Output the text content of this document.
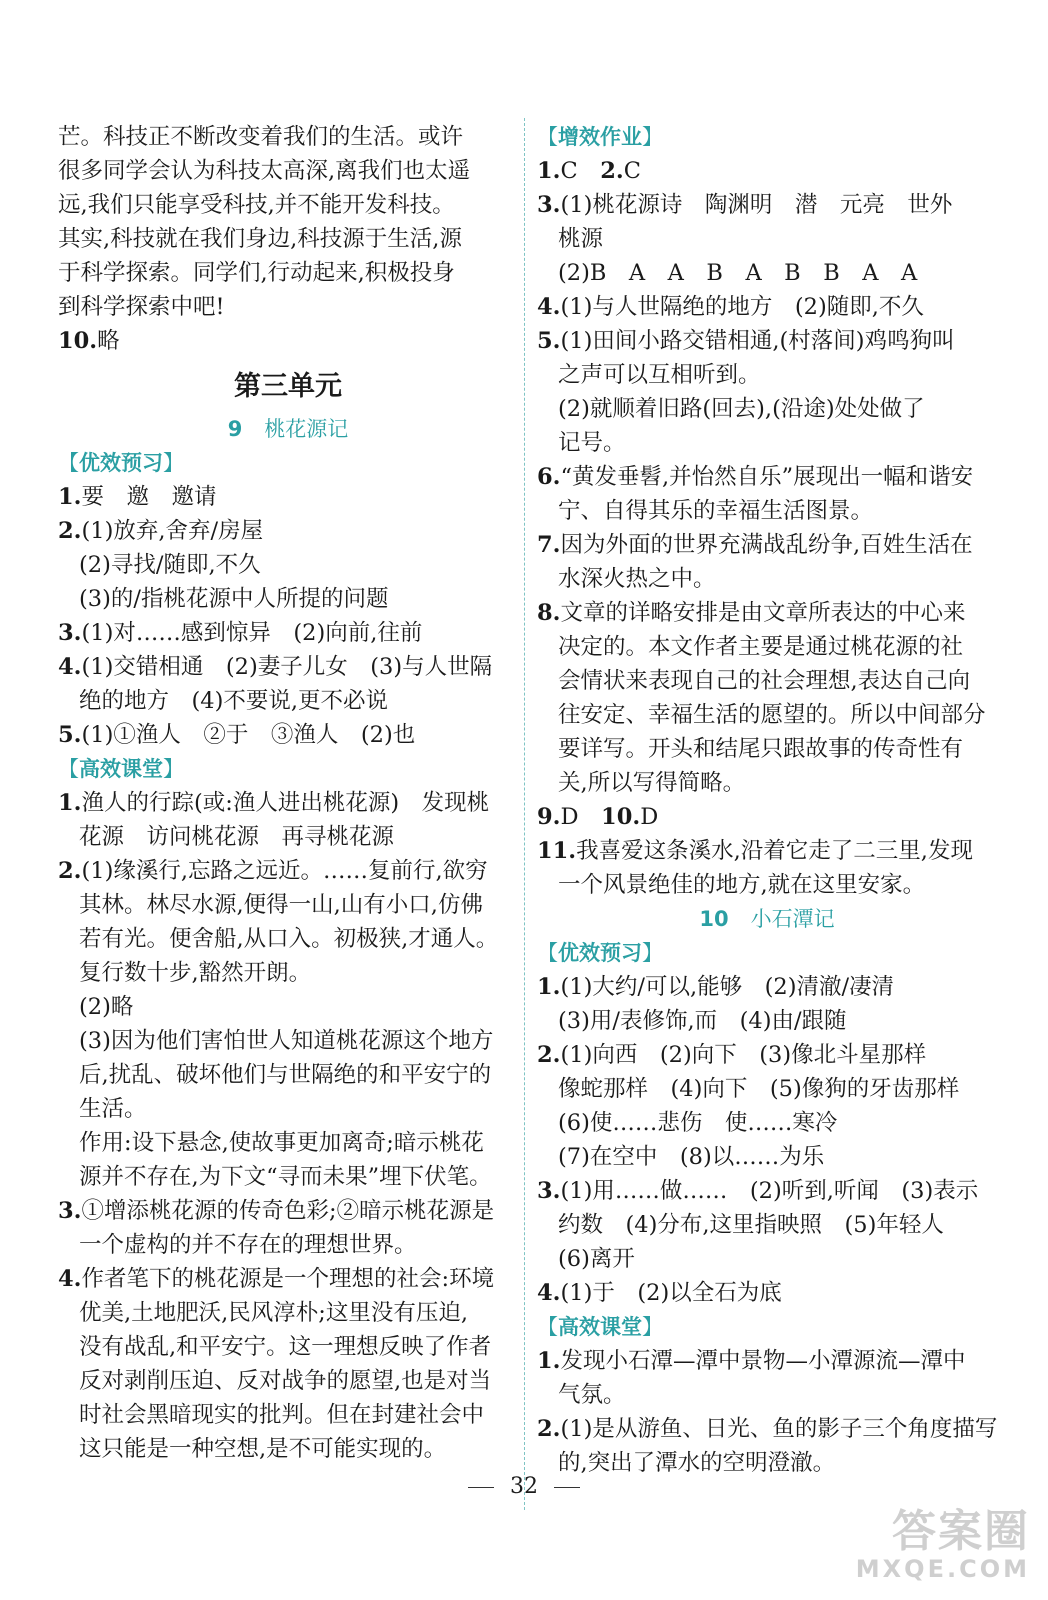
芒。科技正不断改变着我们的生活。或许
很多同学会认为科技太高深,离我们也太遥
远,我们只能享受科技,并不能开发科技。
其实,科技就在我们身边,科技源于生活,源
于科学探索。同学们,行动起来,积极投身
到科学探索中吧!
10.略
第三单元
9 桃花源记
【优效预习】
1.要　邀　邀请
2.(1)放弃,舍弃/房屋
(2)寻找/随即,不久
(3)的/指桃花源中人所提的问题
3.(1)对……感到惊异　(2)向前,往前
4.(1)交错相通　(2)妻子儿女　(3)与人世隔
绝的地方　(4)不要说,更不必说
5.(1)①渔人　②于　③渔人　(2)也
【高效课堂】
1.渔人的行踪(或:渔人进出桃花源)　发现桃
花源　访问桃花源　再寻桃花源
2.(1)缘溪行,忘路之远近。……复前行,欲穷
其林。林尽水源,便得一山,山有小口,仿佛
若有光。便舍船,从口入。初极狭,才通人。
复行数十步,豁然开朗。
(2)略
(3)因为他们害怕世人知道桃花源这个地方
后,扰乱、破坏他们与世隔绝的和平安宁的
生活。
作用:设下悬念,使故事更加离奇;暗示桃花
源并不存在,为下文“寻而未果”埋下伏笔。
3.①增添桃花源的传奇色彩;②暗示桃花源是
一个虚构的并不存在的理想世界。
4.作者笔下的桃花源是一个理想的社会:环境
优美,土地肥沃,民风淳朴;这里没有压迫,
没有战乱,和平安宁。这一理想反映了作者
反对剥削压迫、反对战争的愿望,也是对当
时社会黑暗现实的批判。但在封建社会中
这只能是一种空想,是不可能实现的。
【增效作业】
1.C　2.C
3.(1)桃花源诗　陶渊明　潜　元亮　世外
桃源
(2)B　A　A　B　A　B　B　A　A
4.(1)与人世隔绝的地方　(2)随即,不久
5.(1)田间小路交错相通,(村落间)鸡鸣狗叫
之声可以互相听到。
(2)就顺着旧路(回去),(沿途)处处做了
记号。
6.“黄发垂髫,并怡然自乐”展现出一幅和谐安
宁、自得其乐的幸福生活图景。
7.因为外面的世界充满战乱纷争,百姓生活在
水深火热之中。
8.文章的详略安排是由文章所表达的中心来
决定的。本文作者主要是通过桃花源的社
会情状来表现自己的社会理想,表达自己向
往安定、幸福生活的愿望的。所以中间部分
要详写。开头和结尾只跟故事的传奇性有
关,所以写得简略。
9.D　10.D
11.我喜爱这条溪水,沿着它走了二三里,发现
一个风景绝佳的地方,就在这里安家。
10 小石潭记
【优效预习】
1.(1)大约/可以,能够　(2)清澈/凄清
(3)用/表修饰,而　(4)由/跟随
2.(1)向西　(2)向下　(3)像北斗星那样
像蛇那样　(4)向下　(5)像狗的牙齿那样
(6)使……悲伤　使……寒冷
(7)在空中　(8)以……为乐
3.(1)用……做……　(2)听到,听闻　(3)表示
约数　(4)分布,这里指映照　(5)年轻人
(6)离开
4.(1)于　(2)以全石为底
【高效课堂】
1.发现小石潭—潭中景物—小潭源流—潭中
气氛。
2.(1)是从游鱼、日光、鱼的影子三个角度描写
的,突出了潭水的空明澄澈。
32
答案圈
MXQE.COM
